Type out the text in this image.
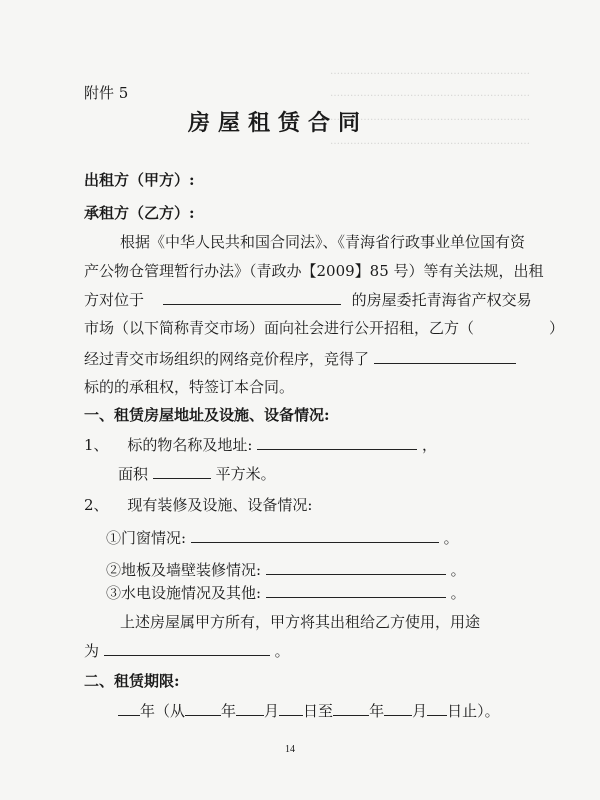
……………………………………………………
……………………………………………………
……………………………………………………
……………………………………………………
附件 5
房屋租赁合同
出租方（甲方）:
承租方（乙方）:
根据《中华人民共和国合同法》、《青海省行政事业单位国有资
产公物仓管理暂行办法》（青政办【2009】85 号）等有关法规，出租
方对位于	的房屋委托青海省产权交易
市场（以下简称青交市场）面向社会进行公开招租，乙方（　　　　　）
经过青交市场组织的网络竞价程序，竞得了
标的的承租权，特签订本合同。
一、租赁房屋地址及设施、设备情况:
1、 标的物名称及地址:	，
面积	平方米。
2、 现有装修及设施、设备情况:
①门窗情况:	。
②地板及墙壁装修情况:	。
③水电设施情况及其他:	。
上述房屋属甲方所有，甲方将其出租给乙方使用，用途
为	。
二、租赁期限:
年（从 年 月 日至 年 月 日止）。
14
